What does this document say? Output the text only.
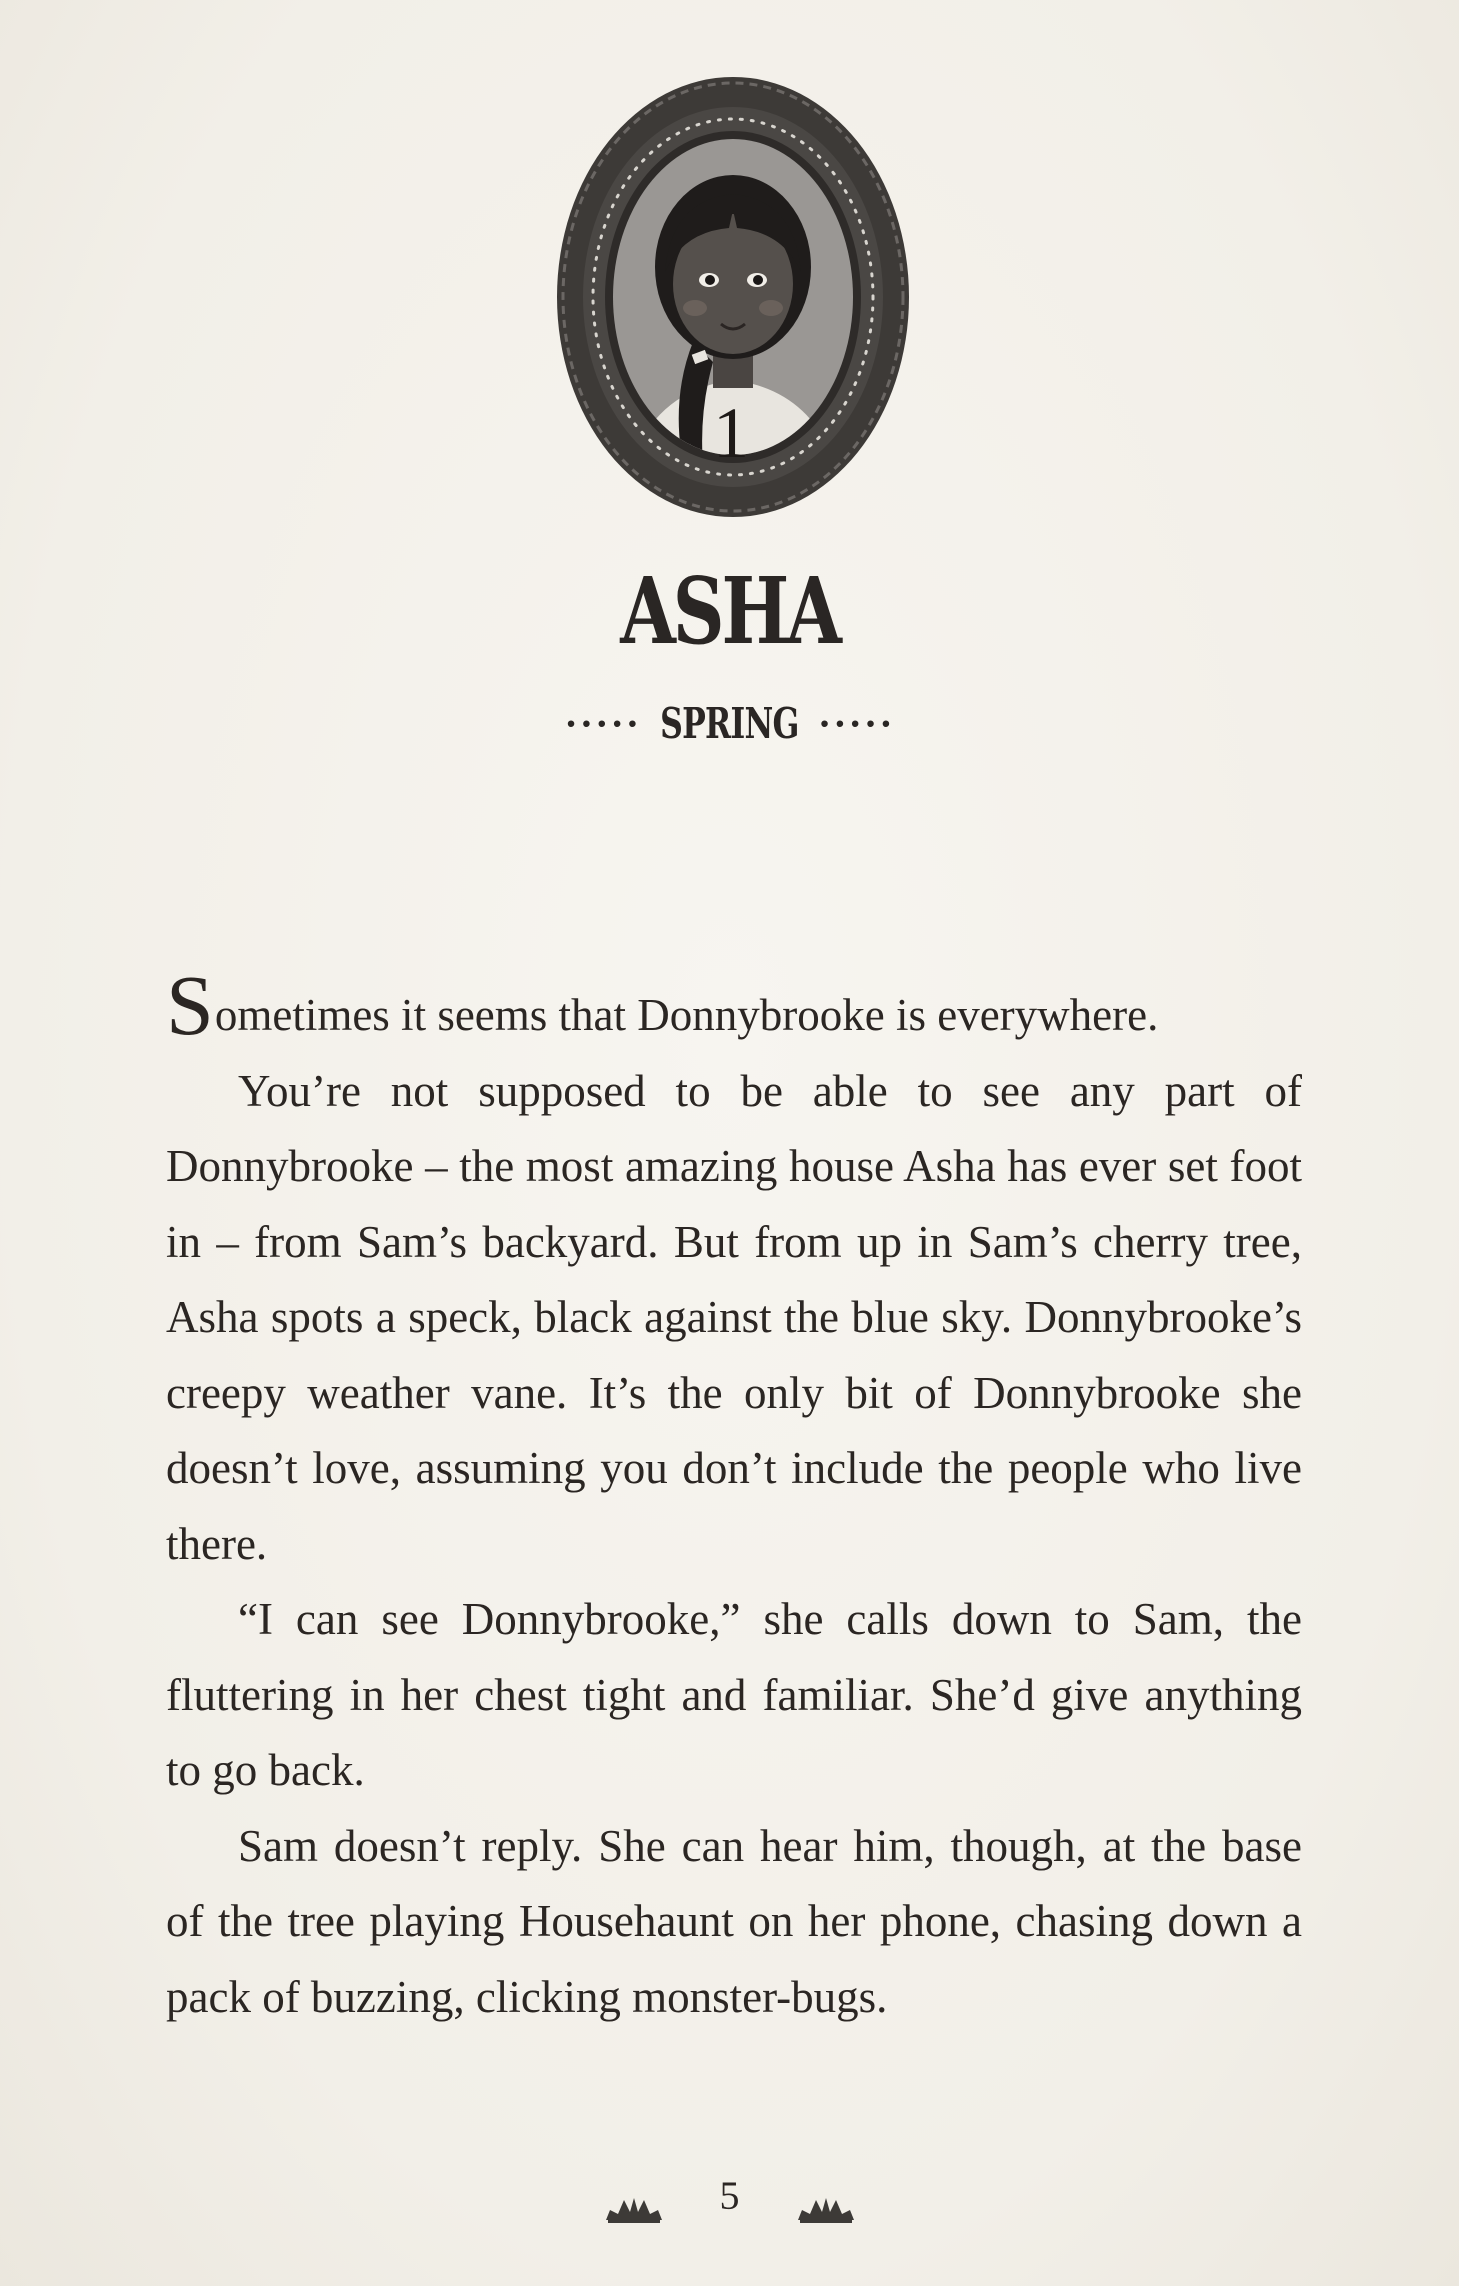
1
ASHA
····· SPRING ·····

Sometimes it seems that Donnybrooke is everywhere.

You’re not supposed to be able to see any part of Donnybrooke – the most amazing house Asha has ever set foot in – from Sam’s backyard. But from up in Sam’s cherry tree, Asha spots a speck, black against the blue sky. Donnybrooke’s creepy weather vane. It’s the only bit of Donnybrooke she doesn’t love, assuming you don’t include the people who live there.

“I can see Donnybrooke,” she calls down to Sam, the fluttering in her chest tight and familiar. She’d give anything to go back.

Sam doesn’t reply. She can hear him, though, at the base of the tree playing Househaunt on her phone, chasing down a pack of buzzing, clicking monster-bugs.

5
